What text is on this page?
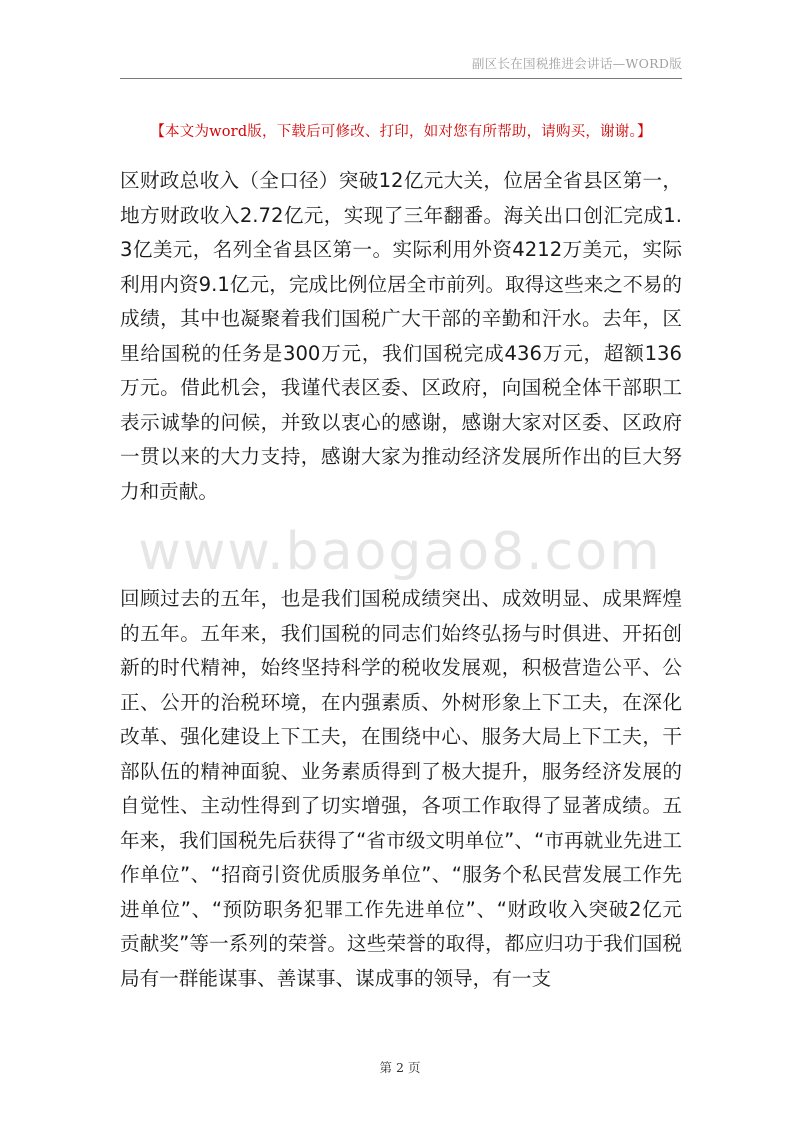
副区长在国税推进会讲话—WORD版
【本文为word版，下载后可修改、打印，如对您有所帮助，请购买，谢谢。】

区财政总收入（全口径）突破12亿元大关，位居全省县区第一，地方财政收入2.72亿元，实现了三年翻番。海关出口创汇完成1.3亿美元，名列全省县区第一。实际利用外资4212万美元，实际利用内资9.1亿元，完成比例位居全市前列。取得这些来之不易的成绩，其中也凝聚着我们国税广大干部的辛勤和汗水。去年，区里给国税的任务是300万元，我们国税完成436万元，超额136万元。借此机会，我谨代表区委、区政府，向国税全体干部职工表示诚挚的问候，并致以衷心的感谢，感谢大家对区委、区政府一贯以来的大力支持，感谢大家为推动经济发展所作出的巨大努力和贡献。

www.baogao8.com

回顾过去的五年，也是我们国税成绩突出、成效明显、成果辉煌的五年。五年来，我们国税的同志们始终弘扬与时俱进、开拓创新的时代精神，始终坚持科学的税收发展观，积极营造公平、公正、公开的治税环境，在内强素质、外树形象上下工夫，在深化改革、强化建设上下工夫，在围绕中心、服务大局上下工夫，干部队伍的精神面貌、业务素质得到了极大提升，服务经济发展的自觉性、主动性得到了切实增强，各项工作取得了显著成绩。五年来，我们国税先后获得了“省市级文明单位”、“市再就业先进工作单位”、“招商引资优质服务单位”、“服务个私民营发展工作先进单位”、“预防职务犯罪工作先进单位”、“财政收入突破2亿元贡献奖”等一系列的荣誉。这些荣誉的取得，都应归功于我们国税局有一群能谋事、善谋事、谋成事的领导，有一支

第 2 页
